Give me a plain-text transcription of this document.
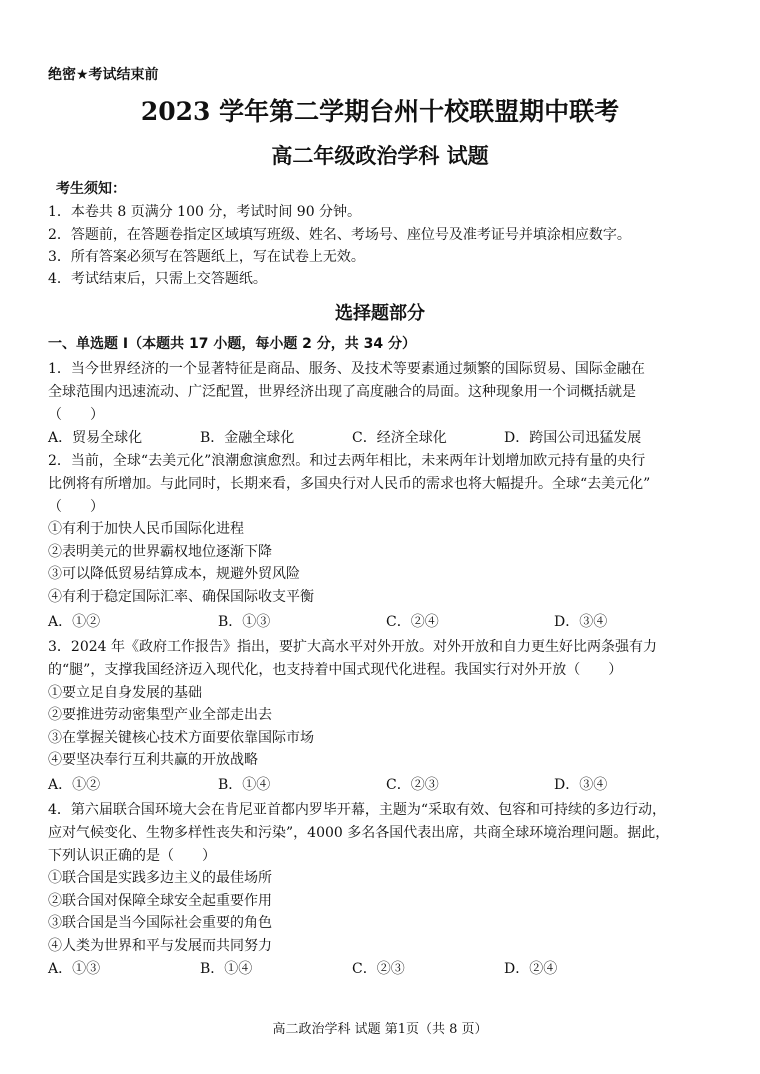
绝密★考试结束前
2023 学年第二学期台州十校联盟期中联考
高二年级政治学科 试题
考生须知：
1．本卷共 8 页满分 100 分，考试时间 90 分钟。
2．答题前，在答题卷指定区域填写班级、姓名、考场号、座位号及准考证号并填涂相应数字。
3．所有答案必须写在答题纸上，写在试卷上无效。
4．考试结束后，只需上交答题纸。
选择题部分
一、单选题 I（本题共 17 小题，每小题 2 分，共 34 分）
1．当今世界经济的一个显著特征是商品、服务、及技术等要素通过频繁的国际贸易、国际金融在
全球范围内迅速流动、广泛配置，世界经济出现了高度融合的局面。这种现象用一个词概括就是
（　　）
A．贸易全球化	B．金融全球化	C．经济全球化	D．跨国公司迅猛发展
2．当前，全球“去美元化”浪潮愈演愈烈。和过去两年相比，未来两年计划增加欧元持有量的央行
比例将有所增加。与此同时，长期来看，多国央行对人民币的需求也将大幅提升。全球“去美元化”
（　　）
①有利于加快人民币国际化进程
②表明美元的世界霸权地位逐渐下降
③可以降低贸易结算成本，规避外贸风险
④有利于稳定国际汇率、确保国际收支平衡
A．①②	B．①③	C．②④	D．③④
3．2024 年《政府工作报告》指出，要扩大高水平对外开放。对外开放和自力更生好比两条强有力
的“腿”，支撑我国经济迈入现代化，也支持着中国式现代化进程。我国实行对外开放（　　）
①要立足自身发展的基础
②要推进劳动密集型产业全部走出去
③在掌握关键核心技术方面要依靠国际市场
④要坚决奉行互利共赢的开放战略
A．①②	B．①④	C．②③	D．③④
4．第六届联合国环境大会在肯尼亚首都内罗毕开幕，主题为“采取有效、包容和可持续的多边行动，
应对气候变化、生物多样性丧失和污染”，4000 多名各国代表出席，共商全球环境治理问题。据此，
下列认识正确的是（　　）
①联合国是实践多边主义的最佳场所
②联合国对保障全球安全起重要作用
③联合国是当今国际社会重要的角色
④人类为世界和平与发展而共同努力
A．①③	B．①④	C．②③	D．②④
高二政治学科 试题 第1页（共 8 页）
